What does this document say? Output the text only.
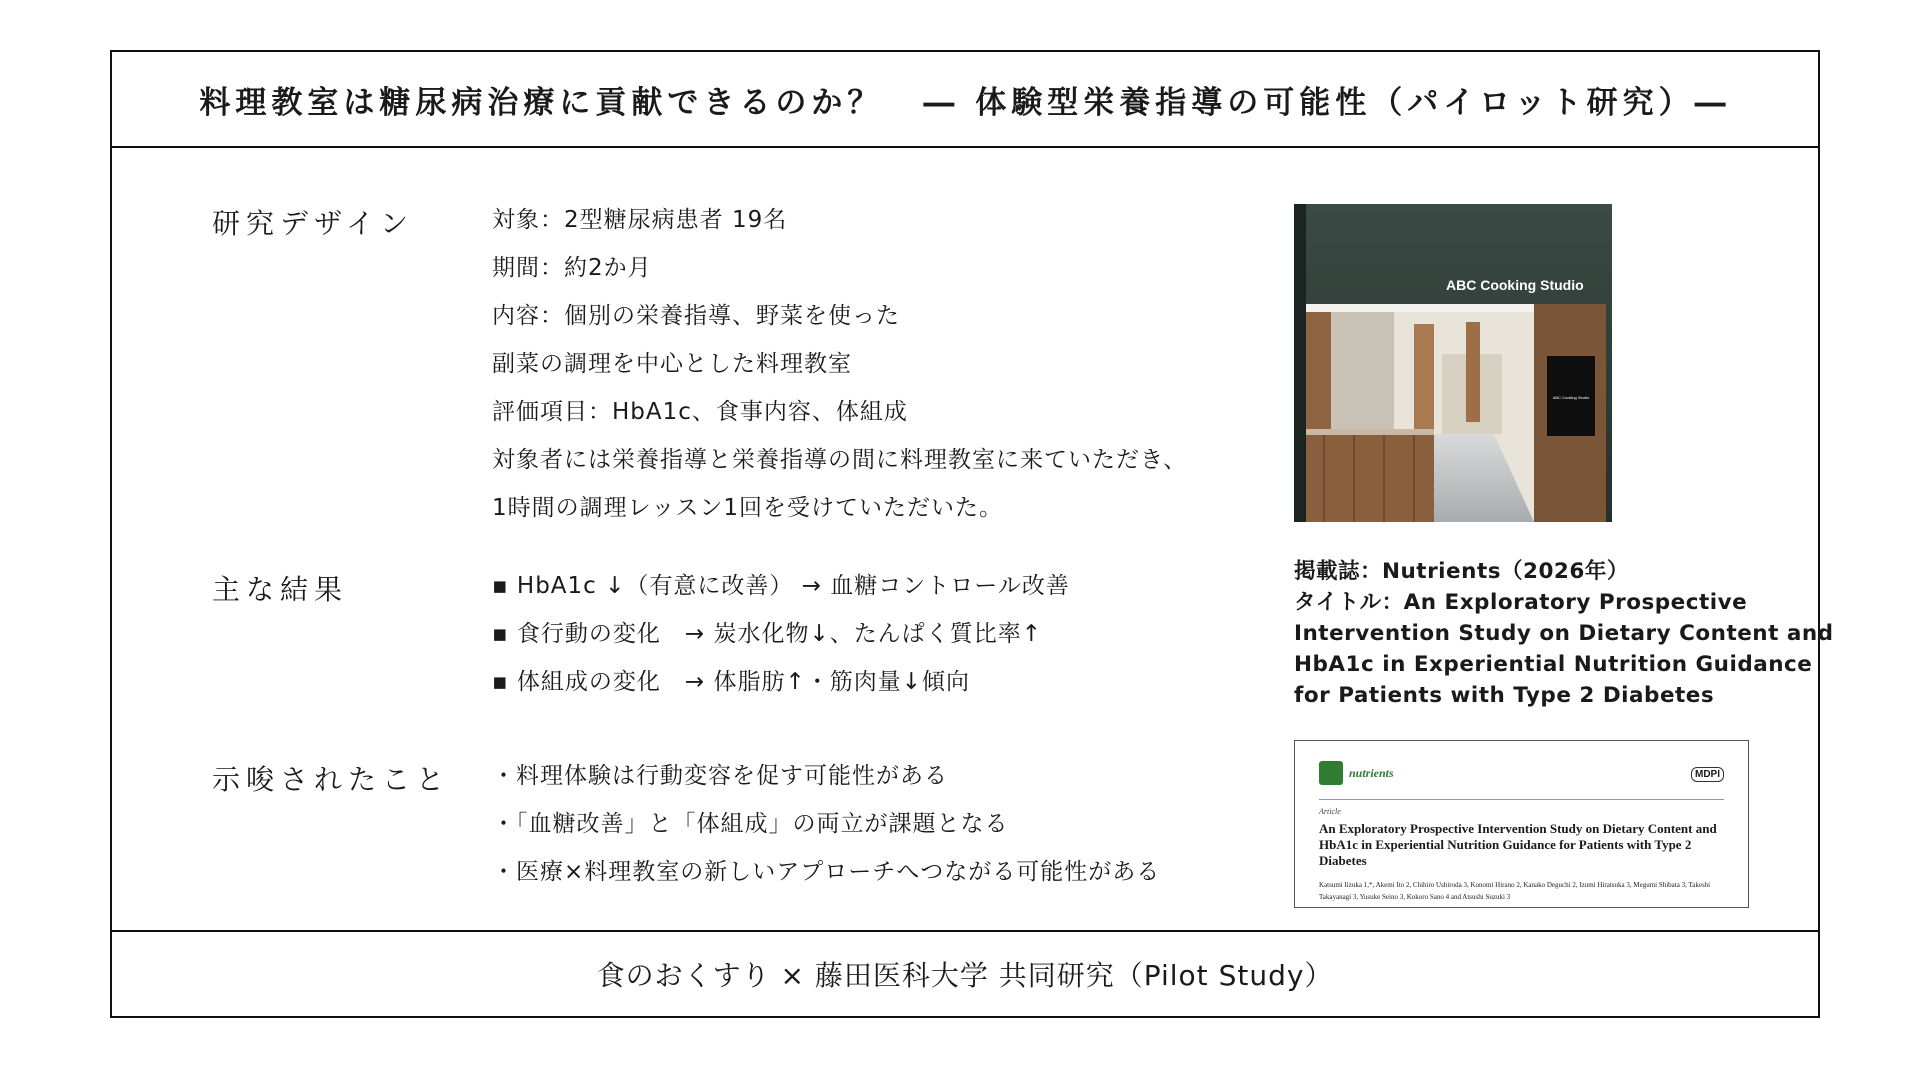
料理教室は糖尿病治療に貢献できるのか？ ― 体験型栄養指導の可能性（パイロット研究）―
研究デザイン	対象：2型糖尿病患者 19名
期間：約2か月
内容：個別の栄養指導、野菜を使った
副菜の調理を中心とした料理教室
評価項目：HbA1c、食事内容、体組成
対象者には栄養指導と栄養指導の間に料理教室に来ていただき、
1時間の調理レッスン1回を受けていただいた。
主な結果	▪ HbA1c ↓（有意に改善） → 血糖コントロール改善
▪ 食行動の変化　→ 炭水化物↓、たんぱく質比率↑
▪ 体組成の変化　→ 体脂肪↑・筋肉量↓傾向
示唆されたこと ・料理体験は行動変容を促す可能性がある
・「血糖改善」と「体組成」の両立が課題となる
・医療×料理教室の新しいアプローチへつながる可能性がある
ABC Cooking Studio
ABC Cooking Studio
掲載誌：Nutrients（2026年）
タイトル：An Exploratory Prospective
Intervention Study on Dietary Content and
HbA1c in Experiential Nutrition Guidance
for Patients with Type 2 Diabetes
nutrients	MDPI
Article
An Exploratory Prospective Intervention Study on Dietary Content and HbA1c in Experiential Nutrition Guidance for Patients with Type 2 Diabetes
Katsumi Iizuka 1,*, Akemi Ito 2, Chihiro Ushiroda 3, Konomi Hirano 2, Kanako Deguchi 2, Izumi Hiratsuka 3, Megumi Shibata 3, Takeshi Takayanagi 3, Yusuke Seino 3, Kokoro Sano 4 and Atsushi Suzuki 3
食のおくすり × 藤田医科大学 共同研究（Pilot Study）
